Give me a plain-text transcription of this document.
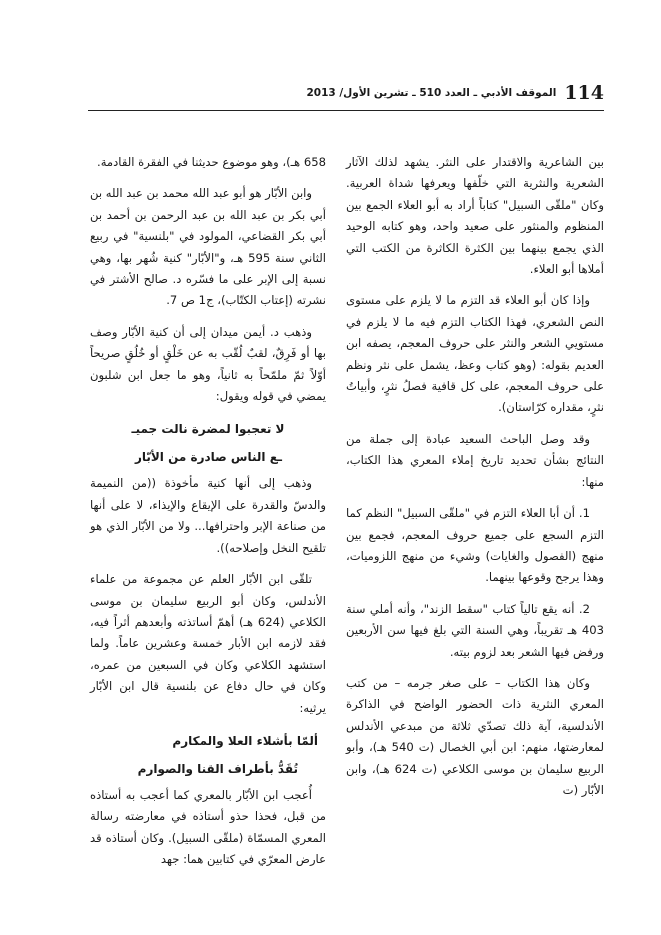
114
الموقف الأدبي ـ العدد 510 ـ تشرين الأول/ 2013

بين الشاعرية والاقتدار على النثر. يشهد لذلك الآثار الشعرية والنثرية التي خلّفها ويعرفها شداة العربية. وكان "ملقّى السبيل" كتاباً أراد به أبو العلاء الجمع بين المنظوم والمنثور على صعيد واحد، وهو كتابه الوحيد الذي يجمع بينهما بين الكثرة الكاثرة من الكتب التي أملاها أبو العلاء.

وإذا كان أبو العلاء قد التزم ما لا يلزم على مستوى النص الشعري، فهذا الكتاب التزم فيه ما لا يلزم في مستويي الشعر والنثر على حروف المعجم، يصفه ابن العديم بقوله: (وهو كتاب وعظ، يشمل على نثر ونظم على حروف المعجم، على كل قافية فصلُ نثرٍ، وأبياتُ نثرٍ، مقداره كرّاستان).

وقد وصل الباحث السعيد عبادة إلى جملة من النتائج بشأن تحديد تاريخ إملاء المعري هذا الكتاب، منها:

1. أن أبا العلاء التزم في "ملقّى السبيل" النظم كما التزم السجع على جميع حروف المعجم، فجمع بين منهج (الفصول والغايات) وشيء من منهج اللزوميات، وهذا يرجح وقوعها بينهما.

2. أنه يقع تالياً كتاب "سقط الزند"، وأنه أملي سنة 403 هـ تقريباً، وهي السنة التي بلغ فيها سن الأربعين ورفض فيها الشعر بعد لزوم بيته.

وكان هذا الكتاب – على صغر جرمه – من كتب المعري النثرية ذات الحضور الواضح في الذاكرة الأندلسية، آية ذلك تصدّي ثلاثة من مبدعي الأندلس لمعارضتها، منهم: ابن أبي الخصال (ت 540 هـ)، وأبو الربيع سليمان بن موسى الكلاعي (ت 624 هـ)، وابن الأبّار (ت

658 هـ)، وهو موضوع حديثنا في الفقرة القادمة.

وابن الأبّار هو أبو عبد الله محمد بن عبد الله بن أبي بكر بن عبد الله بن عبد الرحمن بن أحمد بن أبي بكر القضاعي، المولود في "بلنسية" في ربيع الثاني سنة 595 هـ، و"الأبّار" كنية شُهر بها، وهي نسبة إلى الإبر على ما فسّره د. صالح الأشتر في نشرته (إعتاب الكتّاب)، ج1 ص 7.

وذهب د. أيمن ميدان إلى أن كنية الأبّار وصف بها أو فَرِقٌ، لقبٌ لُقّب به عن خَلْقٍ أو خُلُقٍ صريحاً أوّلاً ثمّ ملمّحاً به ثانياً، وهو ما جعل ابن شلبون يمضي في قوله ويقول:

لا تعجبوا لمضرة نالت جميـ
ـع الناس صادرة من الأبّار

وذهب إلى أنها كنية مأخوذة ((من النميمة والدسّ والقدرة على الإيقاع والإيذاء، لا على أنها من صناعة الإبر واحترافها... ولا من الأبّار الذي هو تلقيح النخل وإصلاحه)).

تلقّى ابن الأبّار العلم عن مجموعة من علماء الأندلس، وكان أبو الربيع سليمان بن موسى الكلاعي (624 هـ) أهمّ أساتذته وأبعدهم أثراً فيه، فقد لازمه ابن الأبار خمسة وعشرين عاماً. ولما استشهد الكلاعي وكان في السبعين من عمره، وكان في حال دفاع عن بلنسية قال ابن الأبّار يرثيه:

ألمّا بأشلاء العلا والمكارم
تُقَدُّ بأطراف القنا والصوارم

أُعجب ابن الأبّار بالمعري كما أعجب به أستاذه من قبل، فحذا حذو أستاذه في معارضته رسالة المعري المسمّاة (ملقّى السبيل). وكان أستاذه قد عارض المعرّي في كتابين هما: جهد
